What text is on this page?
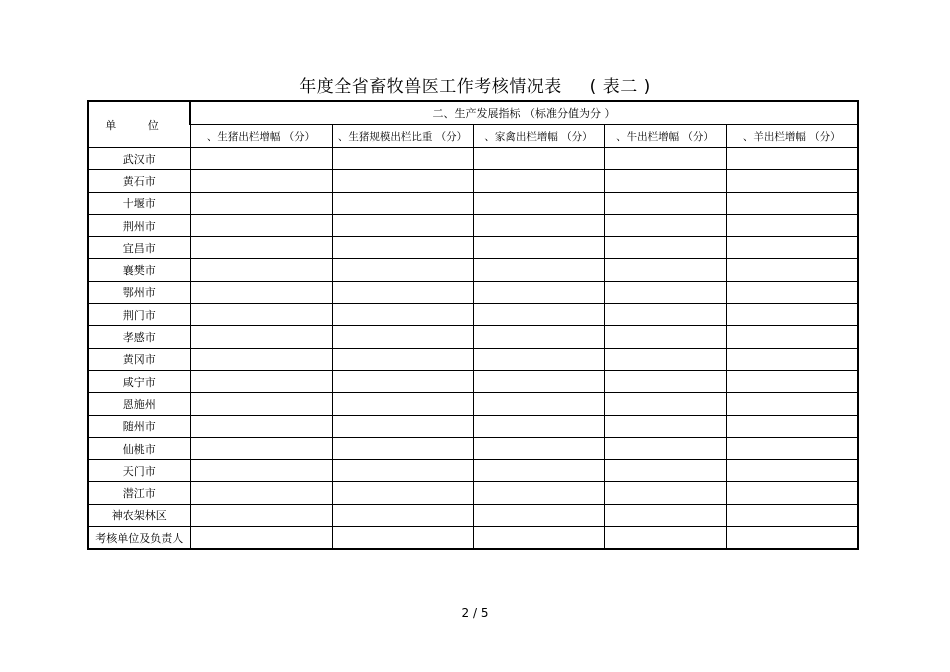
年度全省畜牧兽医工作考核情况表 ( 表二 )
单 位	二、生产发展指标 （标准分值为分 ）				
	、生猪出栏增幅 （分）	、生猪规模出栏比重 （分）	、家禽出栏增幅 （分）	、牛出栏增幅 （分）	、羊出栏增幅 （分）
武汉市					
黄石市					
十堰市					
荆州市					
宜昌市					
襄樊市					
鄂州市					
荆门市					
孝感市					
黄冈市					
咸宁市					
恩施州					
随州市					
仙桃市					
天门市					
潜江市					
神农架林区					
考核单位及负责人					
2 / 5
